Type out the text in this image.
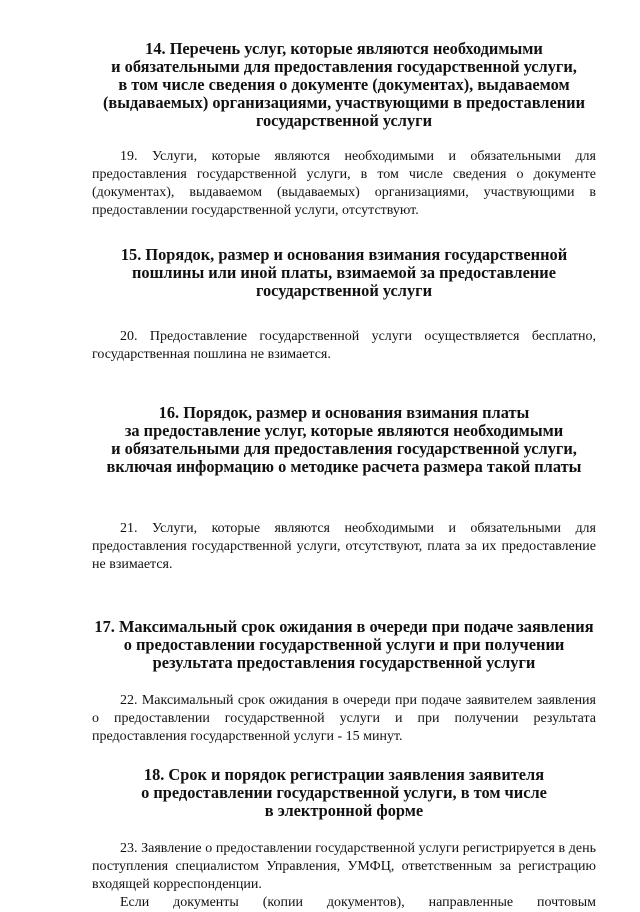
14. Перечень услуг, которые являются необходимыми
и обязательными для предоставления государственной услуги,
в том числе сведения о документе (документах), выдаваемом
(выдаваемых) организациями, участвующими в предоставлении
государственной услуги

19. Услуги, которые являются необходимыми и обязательными для предоставления государственной услуги, в том числе сведения о документе (документах), выдаваемом (выдаваемых) организациями, участвующими в предоставлении государственной услуги, отсутствуют.

15. Порядок, размер и основания взимания государственной
пошлины или иной платы, взимаемой за предоставление
государственной услуги

20. Предоставление государственной услуги осуществляется бесплатно, государственная пошлина не взимается.

16. Порядок, размер и основания взимания платы
за предоставление услуг, которые являются необходимыми
и обязательными для предоставления государственной услуги,
включая информацию о методике расчета размера такой платы

21. Услуги, которые являются необходимыми и обязательными для предоставления государственной услуги, отсутствуют, плата за их предоставление не взимается.

17. Максимальный срок ожидания в очереди при подаче заявления
о предоставлении государственной услуги и при получении
результата предоставления государственной услуги

22. Максимальный срок ожидания в очереди при подаче заявителем заявления о предоставлении государственной услуги и при получении результата предоставления государственной услуги - 15 минут.

18. Срок и порядок регистрации заявления заявителя
о предоставлении государственной услуги, в том числе
в электронной форме

23. Заявление о предоставлении государственной услуги регистрируется в день поступления специалистом Управления, УМФЦ, ответственным за регистрацию входящей корреспонденции.

Если документы (копии документов), направленные почтовым
